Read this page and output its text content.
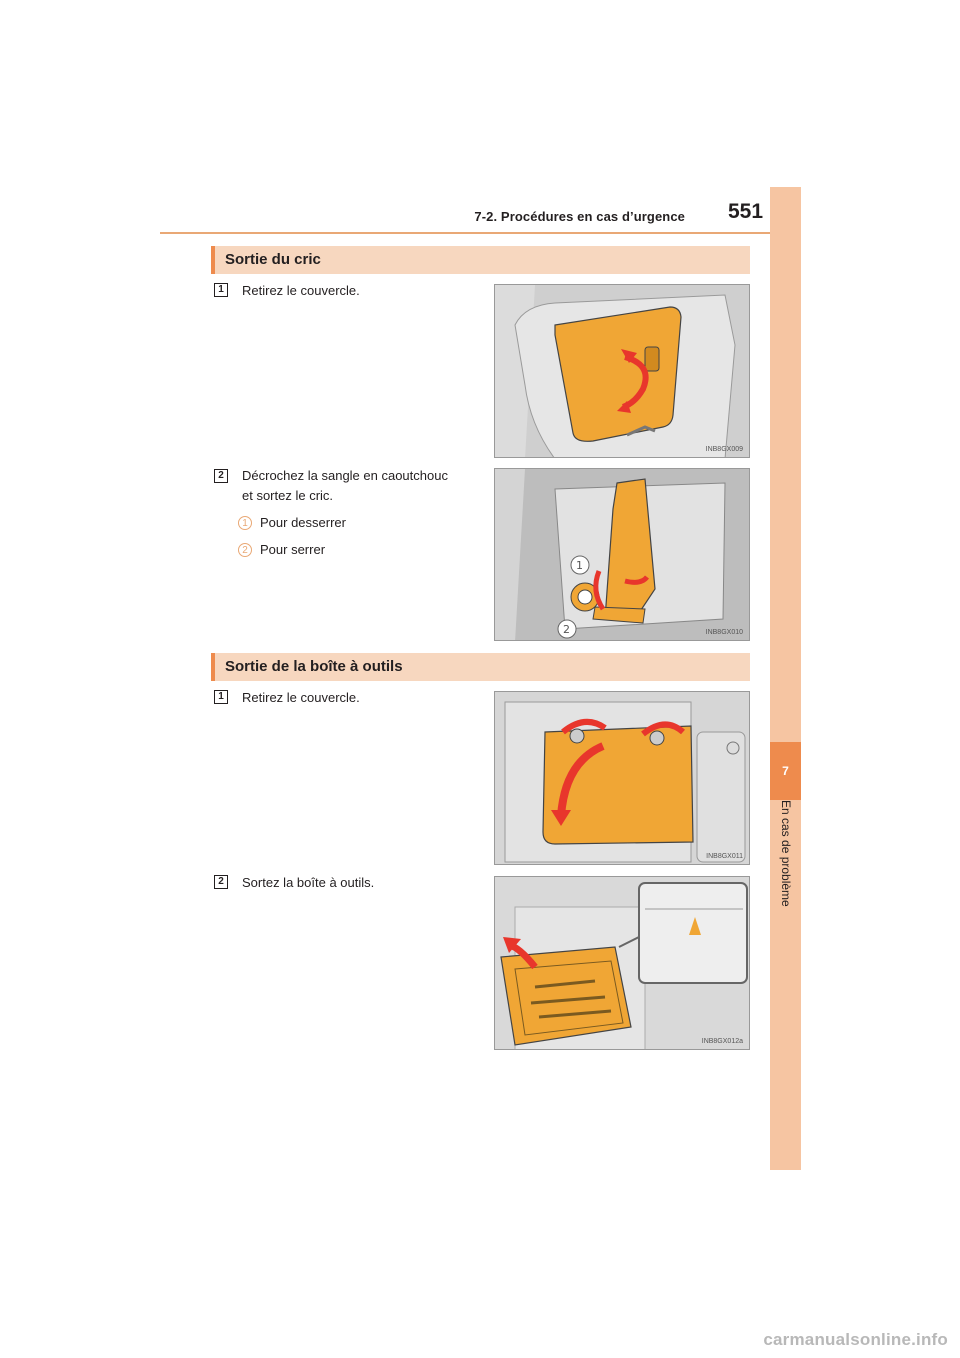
7-2. Procédures en cas d’urgence 551
7
En cas de problème
Sortie du cric
1	Retirez le couvercle.
INB8GX009
2	Décrochez la sangle en caoutchouc
et sortez le cric.
1 Pour desserrer
2 Pour serrer
1
2	INB8GX010
Sortie de la boîte à outils
1	Retirez le couvercle.
INB8GX011
2	Sortez la boîte à outils.
INB8GX012a
carmanualsonline.info
